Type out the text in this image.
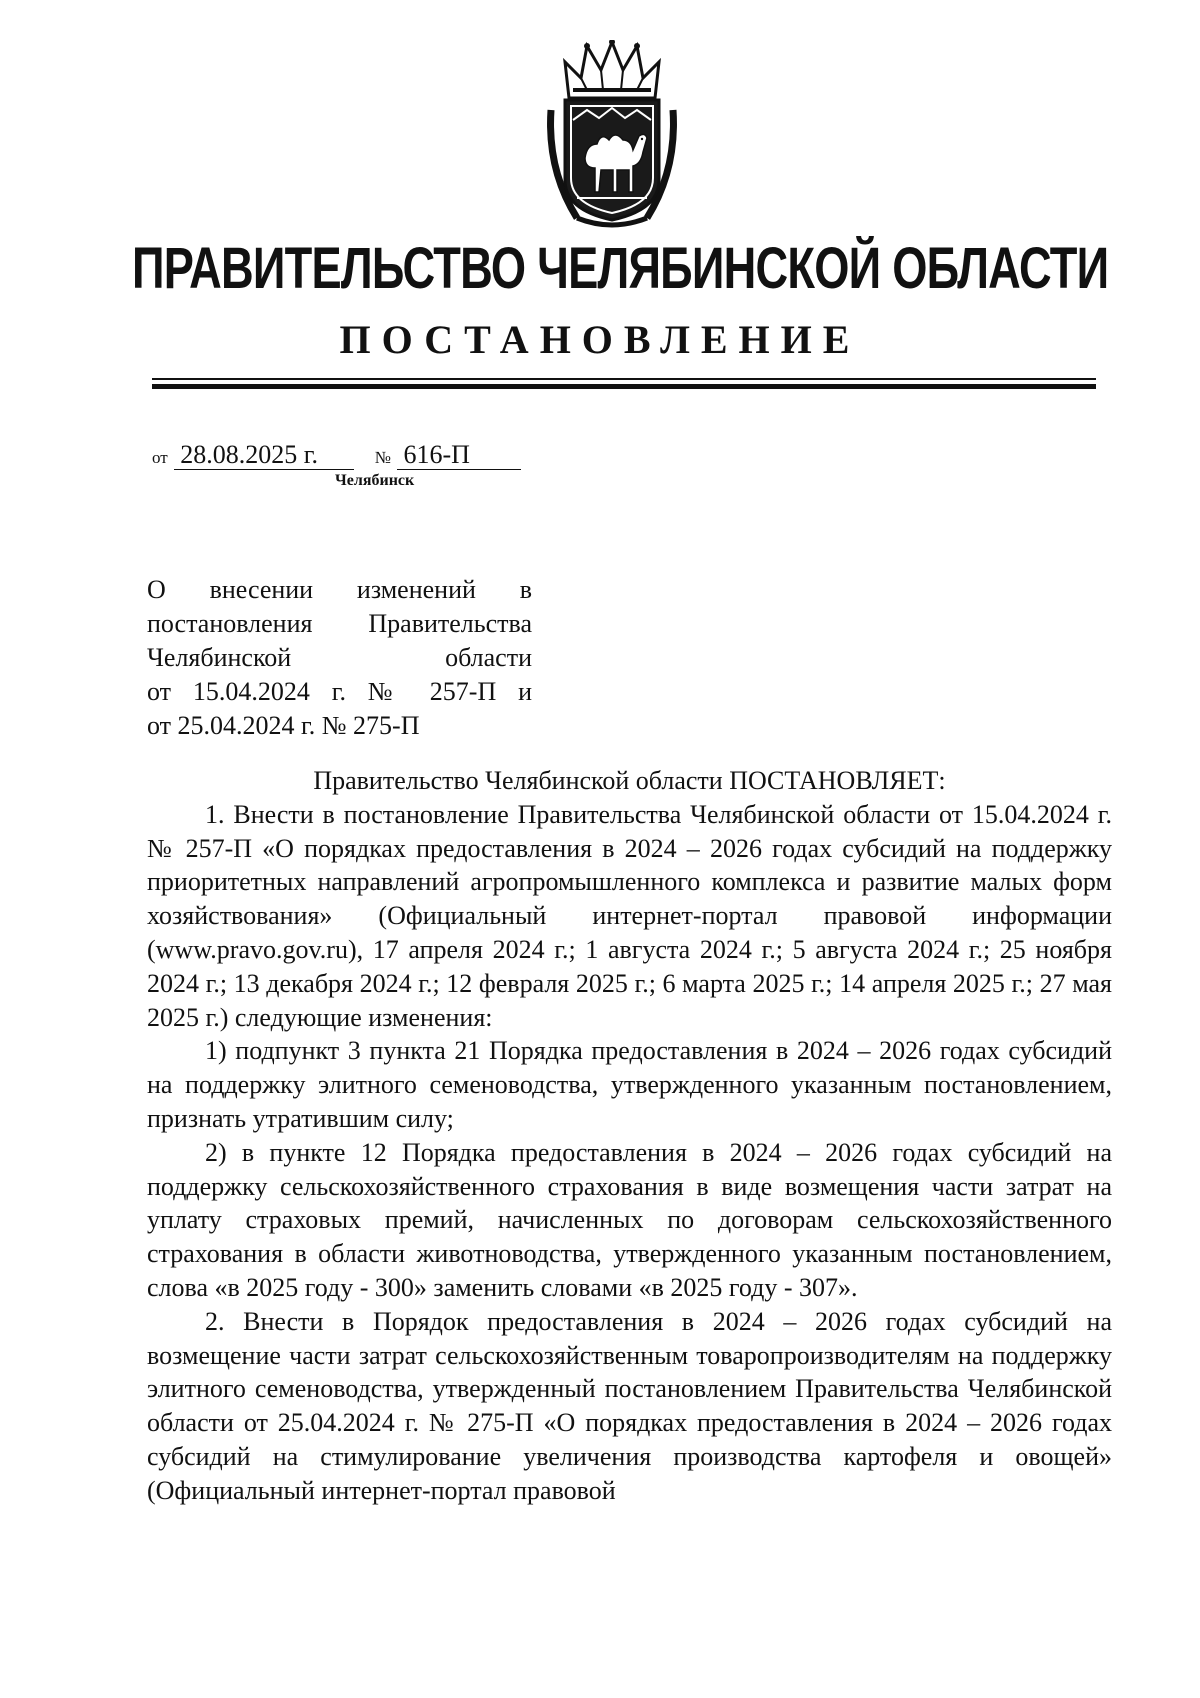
ПРАВИТЕЛЬСТВО ЧЕЛЯБИНСКОЙ ОБЛАСТИ
ПОСТАНОВЛЕНИЕ
от 28.08.2025 г.	№ 616-П
Челябинск
О внесении изменений в
постановления Правительства
Челябинской области
от 15.04.2024 г. № 257-П и
от 25.04.2024 г. № 275-П

Правительство Челябинской области ПОСТАНОВЛЯЕТ:

1. Внести в постановление Правительства Челябинской области от 15.04.2024 г. № 257-П «О порядках предоставления в 2024 – 2026 годах субсидий на поддержку приоритетных направлений агропромышленного комплекса и развитие малых форм хозяйствования» (Официальный интернет-портал правовой информации (www.pravo.gov.ru), 17 апреля 2024 г.; 1 августа 2024 г.; 5 августа 2024 г.; 25 ноября 2024 г.; 13 декабря 2024 г.; 12 февраля 2025 г.; 6 марта 2025 г.; 14 апреля 2025 г.; 27 мая 2025 г.) следующие изменения:

1) подпункт 3 пункта 21 Порядка предоставления в 2024 – 2026 годах субсидий на поддержку элитного семеноводства, утвержденного указанным постановлением, признать утратившим силу;

2) в пункте 12 Порядка предоставления в 2024 – 2026 годах субсидий на поддержку сельскохозяйственного страхования в виде возмещения части затрат на уплату страховых премий, начисленных по договорам сельскохозяйственного страхования в области животноводства, утвержденного указанным постановлением, слова «в 2025 году - 300» заменить словами «в 2025 году - 307».

2. Внести в Порядок предоставления в 2024 – 2026 годах субсидий на возмещение части затрат сельскохозяйственным товаропроизводителям на поддержку элитного семеноводства, утвержденный постановлением Правительства Челябинской области от 25.04.2024 г. № 275-П «О порядках предоставления в 2024 – 2026 годах субсидий на стимулирование увеличения производства картофеля и овощей» (Официальный интернет-портал правовой
